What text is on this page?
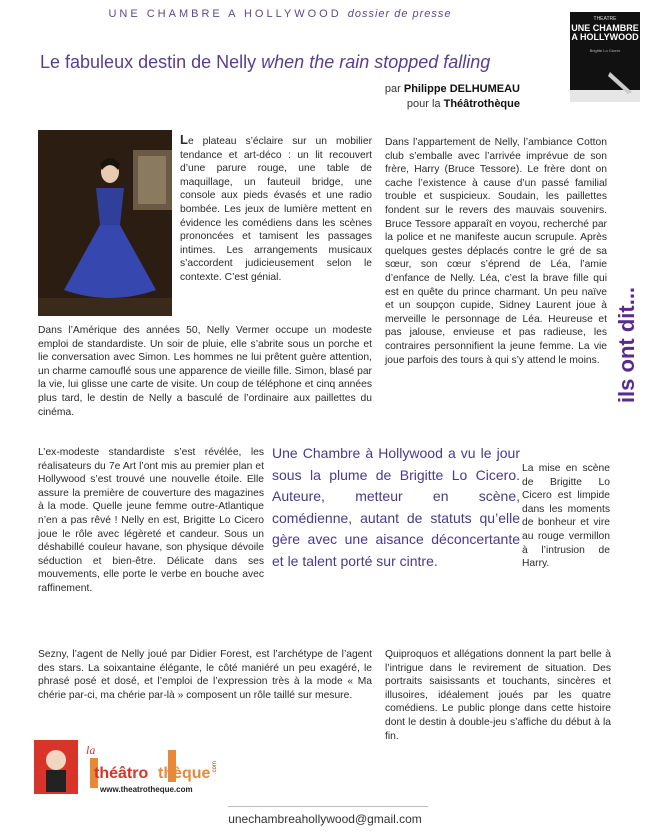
UNE CHAMBRE A HOLLYWOOD dossier de presse	THEATRE
UNE CHAMBRE
A HOLLYWOOD
Brigitte Lo Cicero
Le fabuleux destin de Nelly when the rain stopped falling
par Philippe DELHUMEAU
pour la Théâtrothèque
Le plateau s’éclaire sur un mobilier tendance et art-déco : un lit recouvert d’une parure rouge, une table de maquillage, un fauteuil bridge, une console aux pieds évasés et une radio bombée. Les jeux de lumière mettent en évidence les comédiens dans les scènes prononcées et tamisent les passages intimes. Les arrangements musicaux s’accordent judicieusement selon le contexte. C’est génial.
Dans l’Amérique des années 50, Nelly Vermer occupe un modeste emploi de standardiste. Un soir de pluie, elle s’abrite sous un porche et lie conversation avec Simon. Les hommes ne lui prêtent guère attention, un charme camouflé sous une apparence de vieille fille. Simon, blasé par la vie, lui glisse une carte de visite. Un coup de téléphone et cinq années plus tard, le destin de Nelly a basculé de l’ordinaire aux paillettes du cinéma.
L’ex-modeste standardiste s’est révélée, les réalisateurs du 7e Art l’ont mis au premier plan et Hollywood s’est trouvé une nouvelle étoile. Elle assure la première de couverture des magazines à la mode. Quelle jeune femme outre-Atlantique n’en a pas rêvé ! Nelly en est, Brigitte Lo Cicero joue le rôle avec légèreté et candeur. Sous un déshabillé couleur havane, son physique dévoile séduction et bien-être. Délicate dans ses mouvements, elle porte le verbe en bouche avec raffinement.
Dans l’appartement de Nelly, l’ambiance Cotton club s’emballe avec l’arrivée imprévue de son frère, Harry (Bruce Tessore). Le frère dont on cache l’existence à cause d’un passé familial trouble et suspicieux. Soudain, les paillettes fondent sur le revers des mauvais souvenirs. Bruce Tessore apparaît en voyou, recherché par la police et ne manifeste aucun scrupule. Après quelques gestes déplacés contre le gré de sa sœur, son cœur s’éprend de Léa, l’amie d’enfance de Nelly. Léa, c’est la brave fille qui est en quête du prince charmant. Un peu naïve et un soupçon cupide, Sidney Laurent joue à merveille le personnage de Léa. Heureuse et pas jalouse, envieuse et pas radieuse, les contraires personnifient la jeune femme. La vie joue parfois des tours à qui s’y attend le moins. ils ont dit...
Une Chambre à Hollywood a vu le jour sous la plume de Brigitte Lo Cicero. Auteure, metteur en scène, comédienne, autant de statuts qu’elle gère avec une aisance déconcertante et le talent porté sur cintre.
La mise en scène de Brigitte Lo Cicero est limpide dans les moments de bonheur et vire au rouge vermillon à l’intrusion de Harry.
Sezny, l’agent de Nelly joué par Didier Forest, est l’archétype de l’agent des stars. La soixantaine élégante, le côté maniéré un peu exagéré, le phrasé posé et dosé, et l’emploi de l’expression très à la mode « Ma chérie par-ci, ma chérie par-là » composent un rôle taillé sur mesure.
Quiproquos et allégations donnent la part belle à l’intrigue dans le revirement de situation. Des portraits saisissants et touchants, sincères et illusoires, idéalement joués par les quatre comédiens. Le public plonge dans cette histoire dont le destin à double-jeu s’affiche du début à la fin.
la
théâtro thèque .com
www.theatrotheque.com
unechambreahollywood@gmail.com
